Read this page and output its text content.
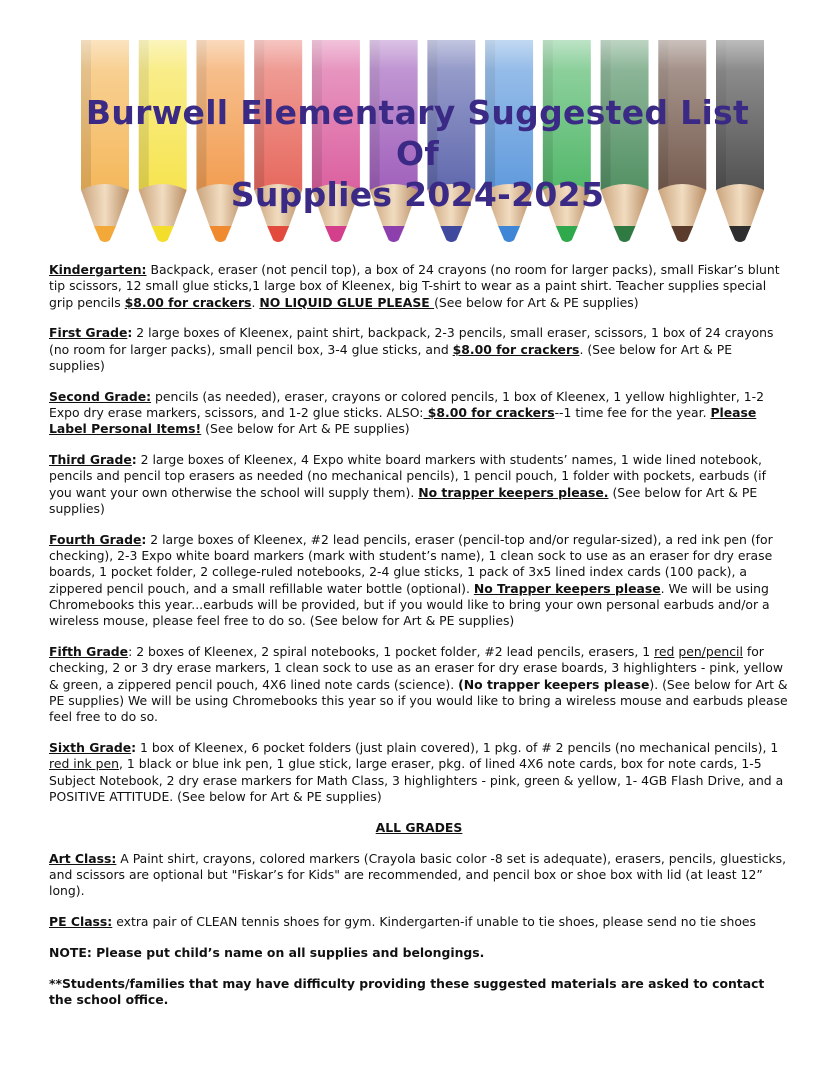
Burwell Elementary Suggested List Of
Supplies 2024-2025

Kindergarten: Backpack, eraser (not pencil top), a box of 24 crayons (no room for larger packs), small Fiskar’s blunt tip scissors, 12 small glue sticks,1 large box of Kleenex, big T-shirt to wear as a paint shirt. Teacher supplies special grip pencils $8.00 for crackers. NO LIQUID GLUE PLEASE (See below for Art & PE supplies)

First Grade: 2 large boxes of Kleenex, paint shirt, backpack, 2-3 pencils, small eraser, scissors, 1 box of 24 crayons (no room for larger packs), small pencil box, 3-4 glue sticks, and $8.00 for crackers. (See below for Art & PE supplies)

Second Grade: pencils (as needed), eraser, crayons or colored pencils, 1 box of Kleenex, 1 yellow highlighter, 1-2 Expo dry erase markers, scissors, and 1-2 glue sticks. ALSO: $8.00 for crackers--1 time fee for the year. Please Label Personal Items! (See below for Art & PE supplies)

Third Grade: 2 large boxes of Kleenex, 4 Expo white board markers with students’ names, 1 wide lined notebook, pencils and pencil top erasers as needed (no mechanical pencils), 1 pencil pouch, 1 folder with pockets, earbuds (if you want your own otherwise the school will supply them). No trapper keepers please. (See below for Art & PE supplies)

Fourth Grade: 2 large boxes of Kleenex, #2 lead pencils, eraser (pencil-top and/or regular-sized), a red ink pen (for checking), 2-3 Expo white board markers (mark with student’s name), 1 clean sock to use as an eraser for dry erase boards, 1 pocket folder, 2 college-ruled notebooks, 2-4 glue sticks, 1 pack of 3x5 lined index cards (100 pack), a zippered pencil pouch, and a small refillable water bottle (optional). No Trapper keepers please. We will be using Chromebooks this year...earbuds will be provided, but if you would like to bring your own personal earbuds and/or a wireless mouse, please feel free to do so. (See below for Art & PE supplies)

Fifth Grade: 2 boxes of Kleenex, 2 spiral notebooks, 1 pocket folder, #2 lead pencils, erasers, 1 red pen/pencil for checking, 2 or 3 dry erase markers, 1 clean sock to use as an eraser for dry erase boards, 3 highlighters - pink, yellow & green, a zippered pencil pouch, 4X6 lined note cards (science). (No trapper keepers please). (See below for Art & PE supplies) We will be using Chromebooks this year so if you would like to bring a wireless mouse and earbuds please feel free to do so.

Sixth Grade: 1 box of Kleenex, 6 pocket folders (just plain covered), 1 pkg. of # 2 pencils (no mechanical pencils), 1 red ink pen, 1 black or blue ink pen, 1 glue stick, large eraser, pkg. of lined 4X6 note cards, box for note cards, 1-5 Subject Notebook, 2 dry erase markers for Math Class, 3 highlighters - pink, green & yellow, 1- 4GB Flash Drive, and a POSITIVE ATTITUDE. (See below for Art & PE supplies)

ALL GRADES

Art Class: A Paint shirt, crayons, colored markers (Crayola basic color -8 set is adequate), erasers, pencils, gluesticks, and scissors are optional but "Fiskar’s for Kids" are recommended, and pencil box or shoe box with lid (at least 12” long).

PE Class: extra pair of CLEAN tennis shoes for gym. Kindergarten-if unable to tie shoes, please send no tie shoes

NOTE: Please put child’s name on all supplies and belongings.

**Students/families that may have difficulty providing these suggested materials are asked to contact the school office.
